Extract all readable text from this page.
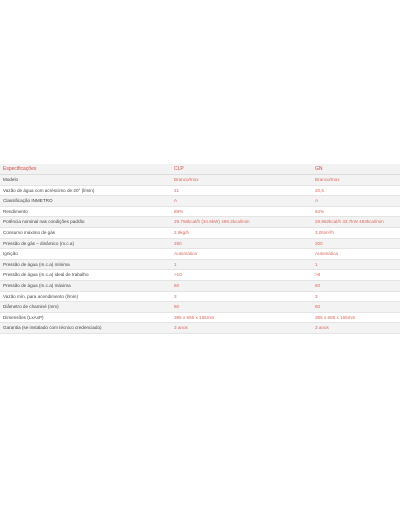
Especificações	CLP	GN
Modelo	Branco/Inox	Branco/Inox
Vazão de água com acréscimo de 20° (l/min)	21	20,5
Classificação INMETRO	A	A
Rendimento	88%	84%
Potência nominal nas condições padrão	29.756kcal/h (34.6kW) 498.3kcal/min	28.982kcal/h 33.7kW 483kcal/min
Consumo máximo de gás	2,9kg/h	3,0Nm³/h
Pressão de gás – dinâmico (m.c.a)	280	200
Ignição	Automática	Automática
Pressão de água (m.c.a) mínima	1	1
Pressão de água (m.c.a) ideal de trabalho	>10	>8
Pressão de água (m.c.a) máxima	60	60
Vazão mín. para acendimento (l/min)	3	3
Diâmetro de chaminé (mm)	60	60
Dimensões (LxAxP)	385 x 665 x 165mm	385 x 665 x 165mm
Garantia (se instalado com técnico credenciado)	3 anos	3 anos
